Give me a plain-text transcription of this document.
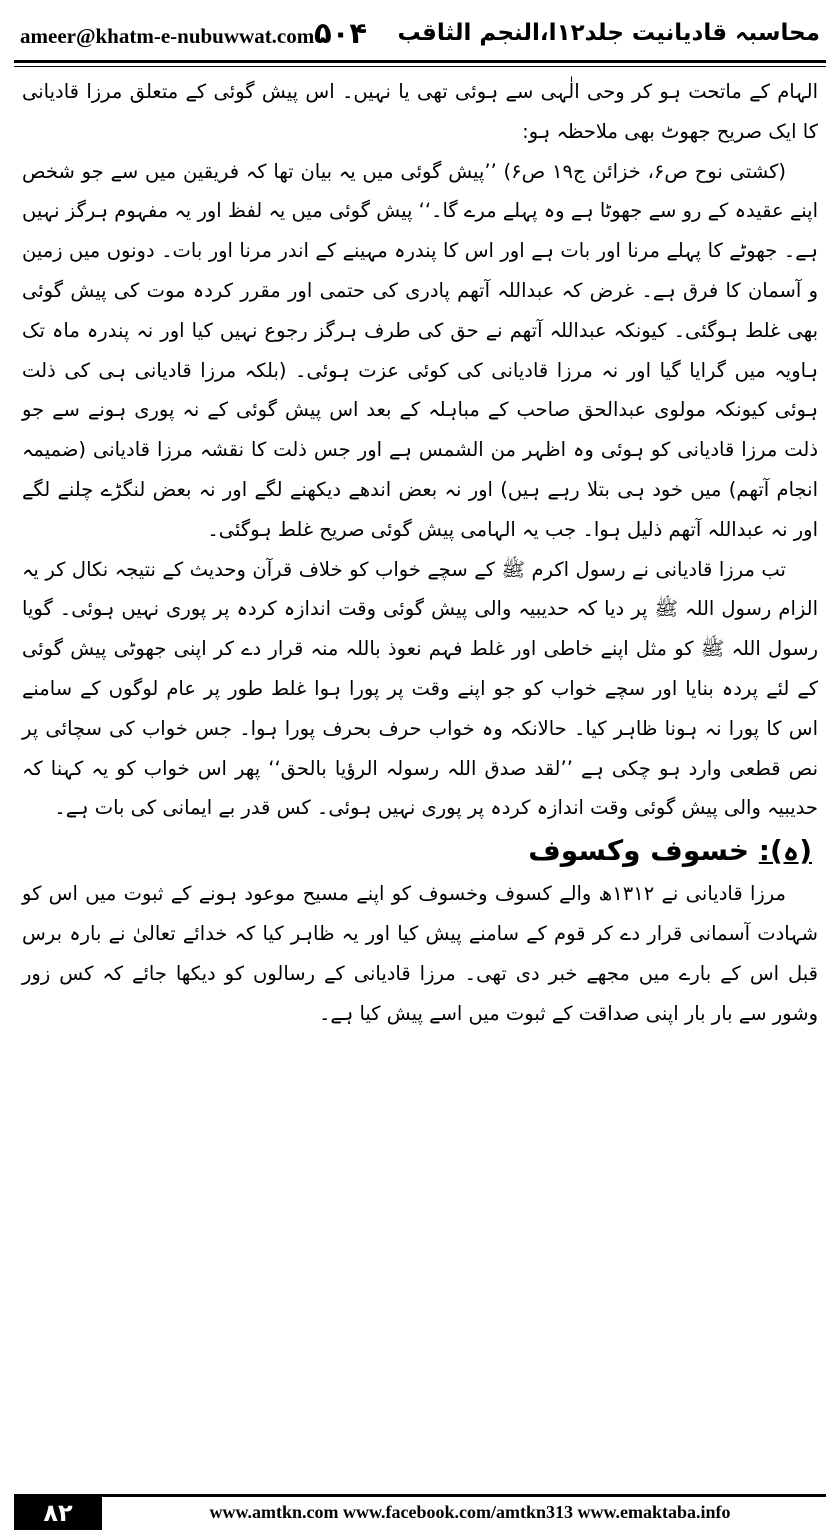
ameer@khatm-e-nubuwwat.com ۵۰۴ محاسبہ قادیانیت جلد۱۲ا،النجم الثاقب

الہام کے ماتحت ہو کر وحی الٰہی سے ہوئی تھی یا نہیں۔ اس پیش گوئی کے متعلق مرزا قادیانی کا ایک صریح جھوٹ بھی ملاحظہ ہو:

(کشتی نوح ص۶، خزائن ج۱۹ ص۶) ’’پیش گوئی میں یہ بیان تھا کہ فریقین میں سے جو شخص اپنے عقیدہ کے رو سے جھوٹا ہے وہ پہلے مرے گا۔‘‘ پیش گوئی میں یہ لفظ اور یہ مفہوم ہرگز نہیں ہے۔ جھوٹے کا پہلے مرنا اور بات ہے اور اس کا پندرہ مہینے کے اندر مرنا اور بات۔ دونوں میں زمین و آسمان کا فرق ہے۔ غرض کہ عبداللہ آتھم پادری کی حتمی اور مقرر کردہ موت کی پیش گوئی بھی غلط ہوگئی۔ کیونکہ عبداللہ آتھم نے حق کی طرف ہرگز رجوع نہیں کیا اور نہ پندرہ ماہ تک ہاویہ میں گرایا گیا اور نہ مرزا قادیانی کی کوئی عزت ہوئی۔ (بلکہ مرزا قادیانی ہی کی ذلت ہوئی کیونکہ مولوی عبدالحق صاحب کے مباہلہ کے بعد اس پیش گوئی کے نہ پوری ہونے سے جو ذلت مرزا قادیانی کو ہوئی وہ اظہر من الشمس ہے اور جس ذلت کا نقشہ مرزا قادیانی (ضمیمہ انجام آتھم) میں خود ہی بتلا رہے ہیں) اور نہ بعض اندھے دیکھنے لگے اور نہ بعض لنگڑے چلنے لگے اور نہ عبداللہ آتھم ذلیل ہوا۔ جب یہ الہامی پیش گوئی صریح غلط ہوگئی۔

تب مرزا قادیانی نے رسول اکرم ﷺ کے سچے خواب کو خلاف قرآن وحدیث کے نتیجہ نکال کر یہ الزام رسول اللہ ﷺ پر دیا کہ حدیبیہ والی پیش گوئی وقت اندازہ کردہ پر پوری نہیں ہوئی۔ گویا رسول اللہ ﷺ کو مثل اپنے خاطی اور غلط فہم نعوذ باللہ منہ قرار دے کر اپنی جھوٹی پیش گوئی کے لئے پردہ بنایا اور سچے خواب کو جو اپنے وقت پر پورا ہوا غلط طور پر عام لوگوں کے سامنے اس کا پورا نہ ہونا ظاہر کیا۔ حالانکہ وہ خواب حرف بحرف پورا ہوا۔ جس خواب کی سچائی پر نص قطعی وارد ہو چکی ہے ’’لقد صدق اللہ رسولہ الرؤیا بالحق‘‘ پھر اس خواب کو یہ کہنا کہ حدیبیہ والی پیش گوئی وقت اندازہ کردہ پر پوری نہیں ہوئی۔ کس قدر بے ایمانی کی بات ہے۔

(ہ): خسوف وکسوف

مرزا قادیانی نے ۱۳۱۲ھ والے کسوف وخسوف کو اپنے مسیح موعود ہونے کے ثبوت میں اس کو شہادت آسمانی قرار دے کر قوم کے سامنے پیش کیا اور یہ ظاہر کیا کہ خدائے تعالیٰ نے بارہ برس قبل اس کے بارے میں مجھے خبر دی تھی۔ مرزا قادیانی کے رسالوں کو دیکھا جائے کہ کس زور وشور سے بار بار اپنی صداقت کے ثبوت میں اسے پیش کیا ہے۔

۸۲	www.amtkn.com www.facebook.com/amtkn313 www.emaktaba.info
